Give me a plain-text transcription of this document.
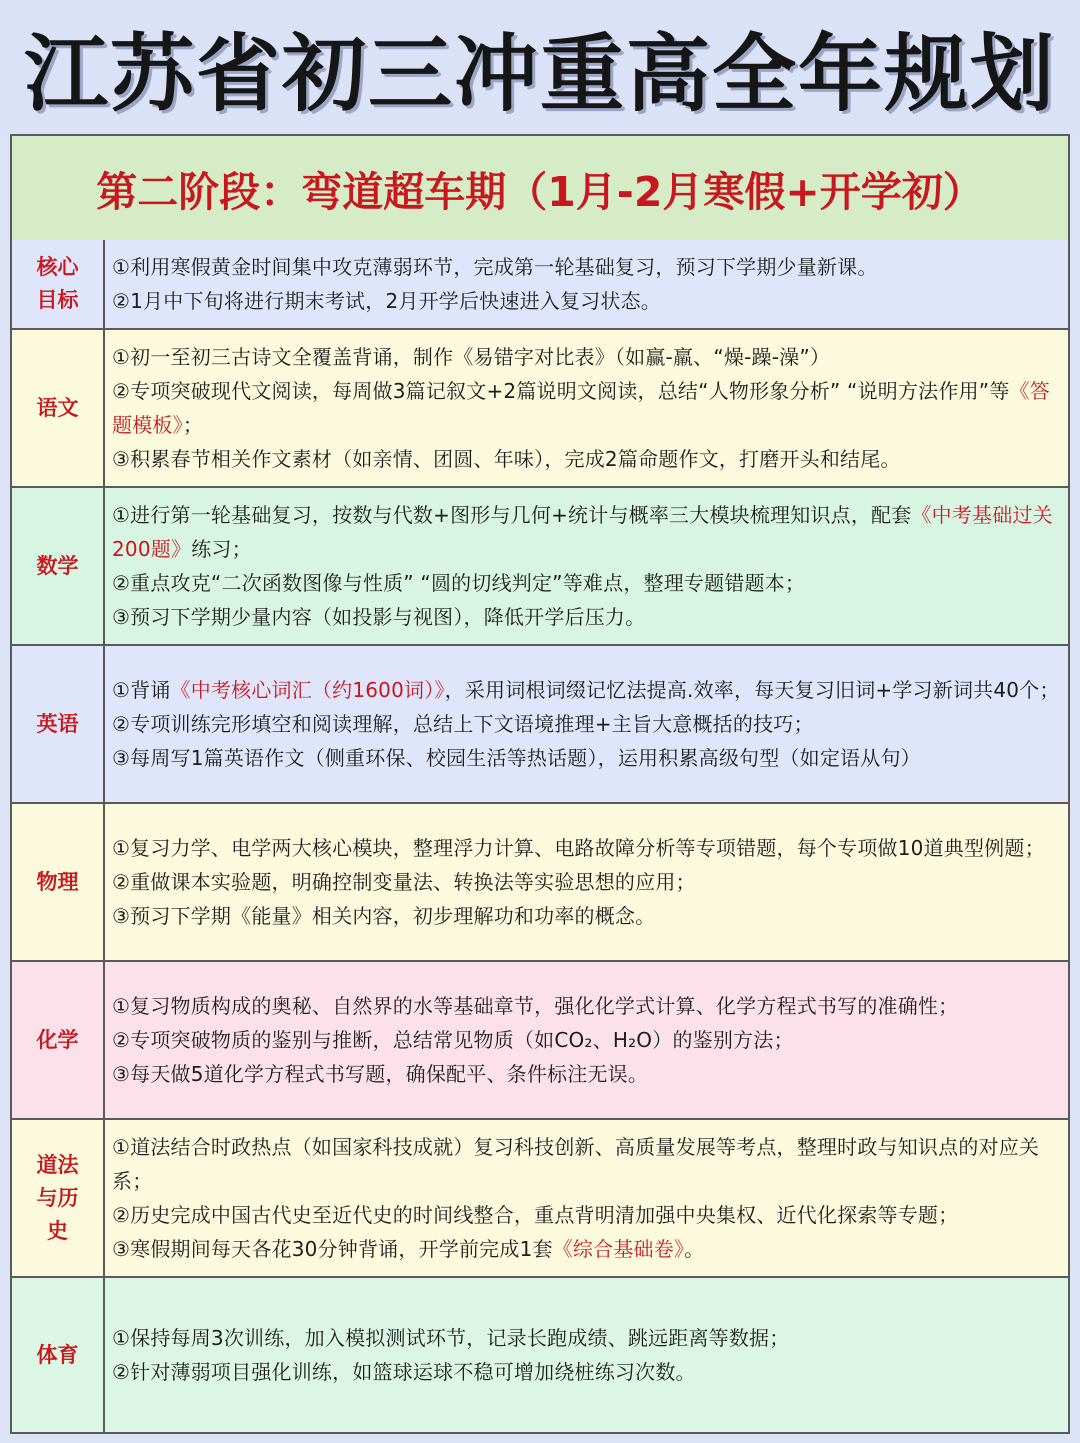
江苏省初三冲重高全年规划
第二阶段：弯道超车期（1月-2月寒假+开学初）
核心目标

①利用寒假黄金时间集中攻克薄弱环节，完成第一轮基础复习，预习下学期少量新课。

②1月中下旬将进行期末考试，2月开学后快速进入复习状态。

语文

①初一至初三古诗文全覆盖背诵，制作《易错字对比表》（如赢-羸、“燥-躁-澡”）

②专项突破现代文阅读，每周做3篇记叙文+2篇说明文阅读，总结“人物形象分析” “说明方法作用”等《答题模板》；

③积累春节相关作文素材（如亲情、团圆、年味），完成2篇命题作文，打磨开头和结尾。

数学

①进行第一轮基础复习，按数与代数+图形与几何+统计与概率三大模块梳理知识点，配套《中考基础过关200题》练习；

②重点攻克“二次函数图像与性质” “圆的切线判定”等难点，整理专题错题本；

③预习下学期少量内容（如投影与视图），降低开学后压力。

英语

①背诵《中考核心词汇（约1600词）》，采用词根词缀记忆法提高.效率，每天复习旧词+学习新词共40个；

②专项训练完形填空和阅读理解，总结上下文语境推理+主旨大意概括的技巧；

③每周写1篇英语作文（侧重环保、校园生活等热话题），运用积累高级句型（如定语从句）

物理

①复习力学、电学两大核心模块，整理浮力计算、电路故障分析等专项错题，每个专项做10道典型例题；

②重做课本实验题，明确控制变量法、转换法等实验思想的应用；

③预习下学期《能量》相关内容，初步理解功和功率的概念。

化学

①复习物质构成的奥秘、自然界的水等基础章节，强化化学式计算、化学方程式书写的准确性；

②专项突破物质的鉴别与推断，总结常见物质（如CO₂、H₂O）的鉴别方法；

③每天做5道化学方程式书写题，确保配平、条件标注无误。

道法与历史

①道法结合时政热点（如国家科技成就）复习科技创新、高质量发展等考点，整理时政与知识点的对应关系；

②历史完成中国古代史至近代史的时间线整合，重点背明清加强中央集权、近代化探索等专题；

③寒假期间每天各花30分钟背诵，开学前完成1套《综合基础卷》。

体育

①保持每周3次训练，加入模拟测试环节，记录长跑成绩、跳远距离等数据；

②针对薄弱项目强化训练，如篮球运球不稳可增加绕桩练习次数。
